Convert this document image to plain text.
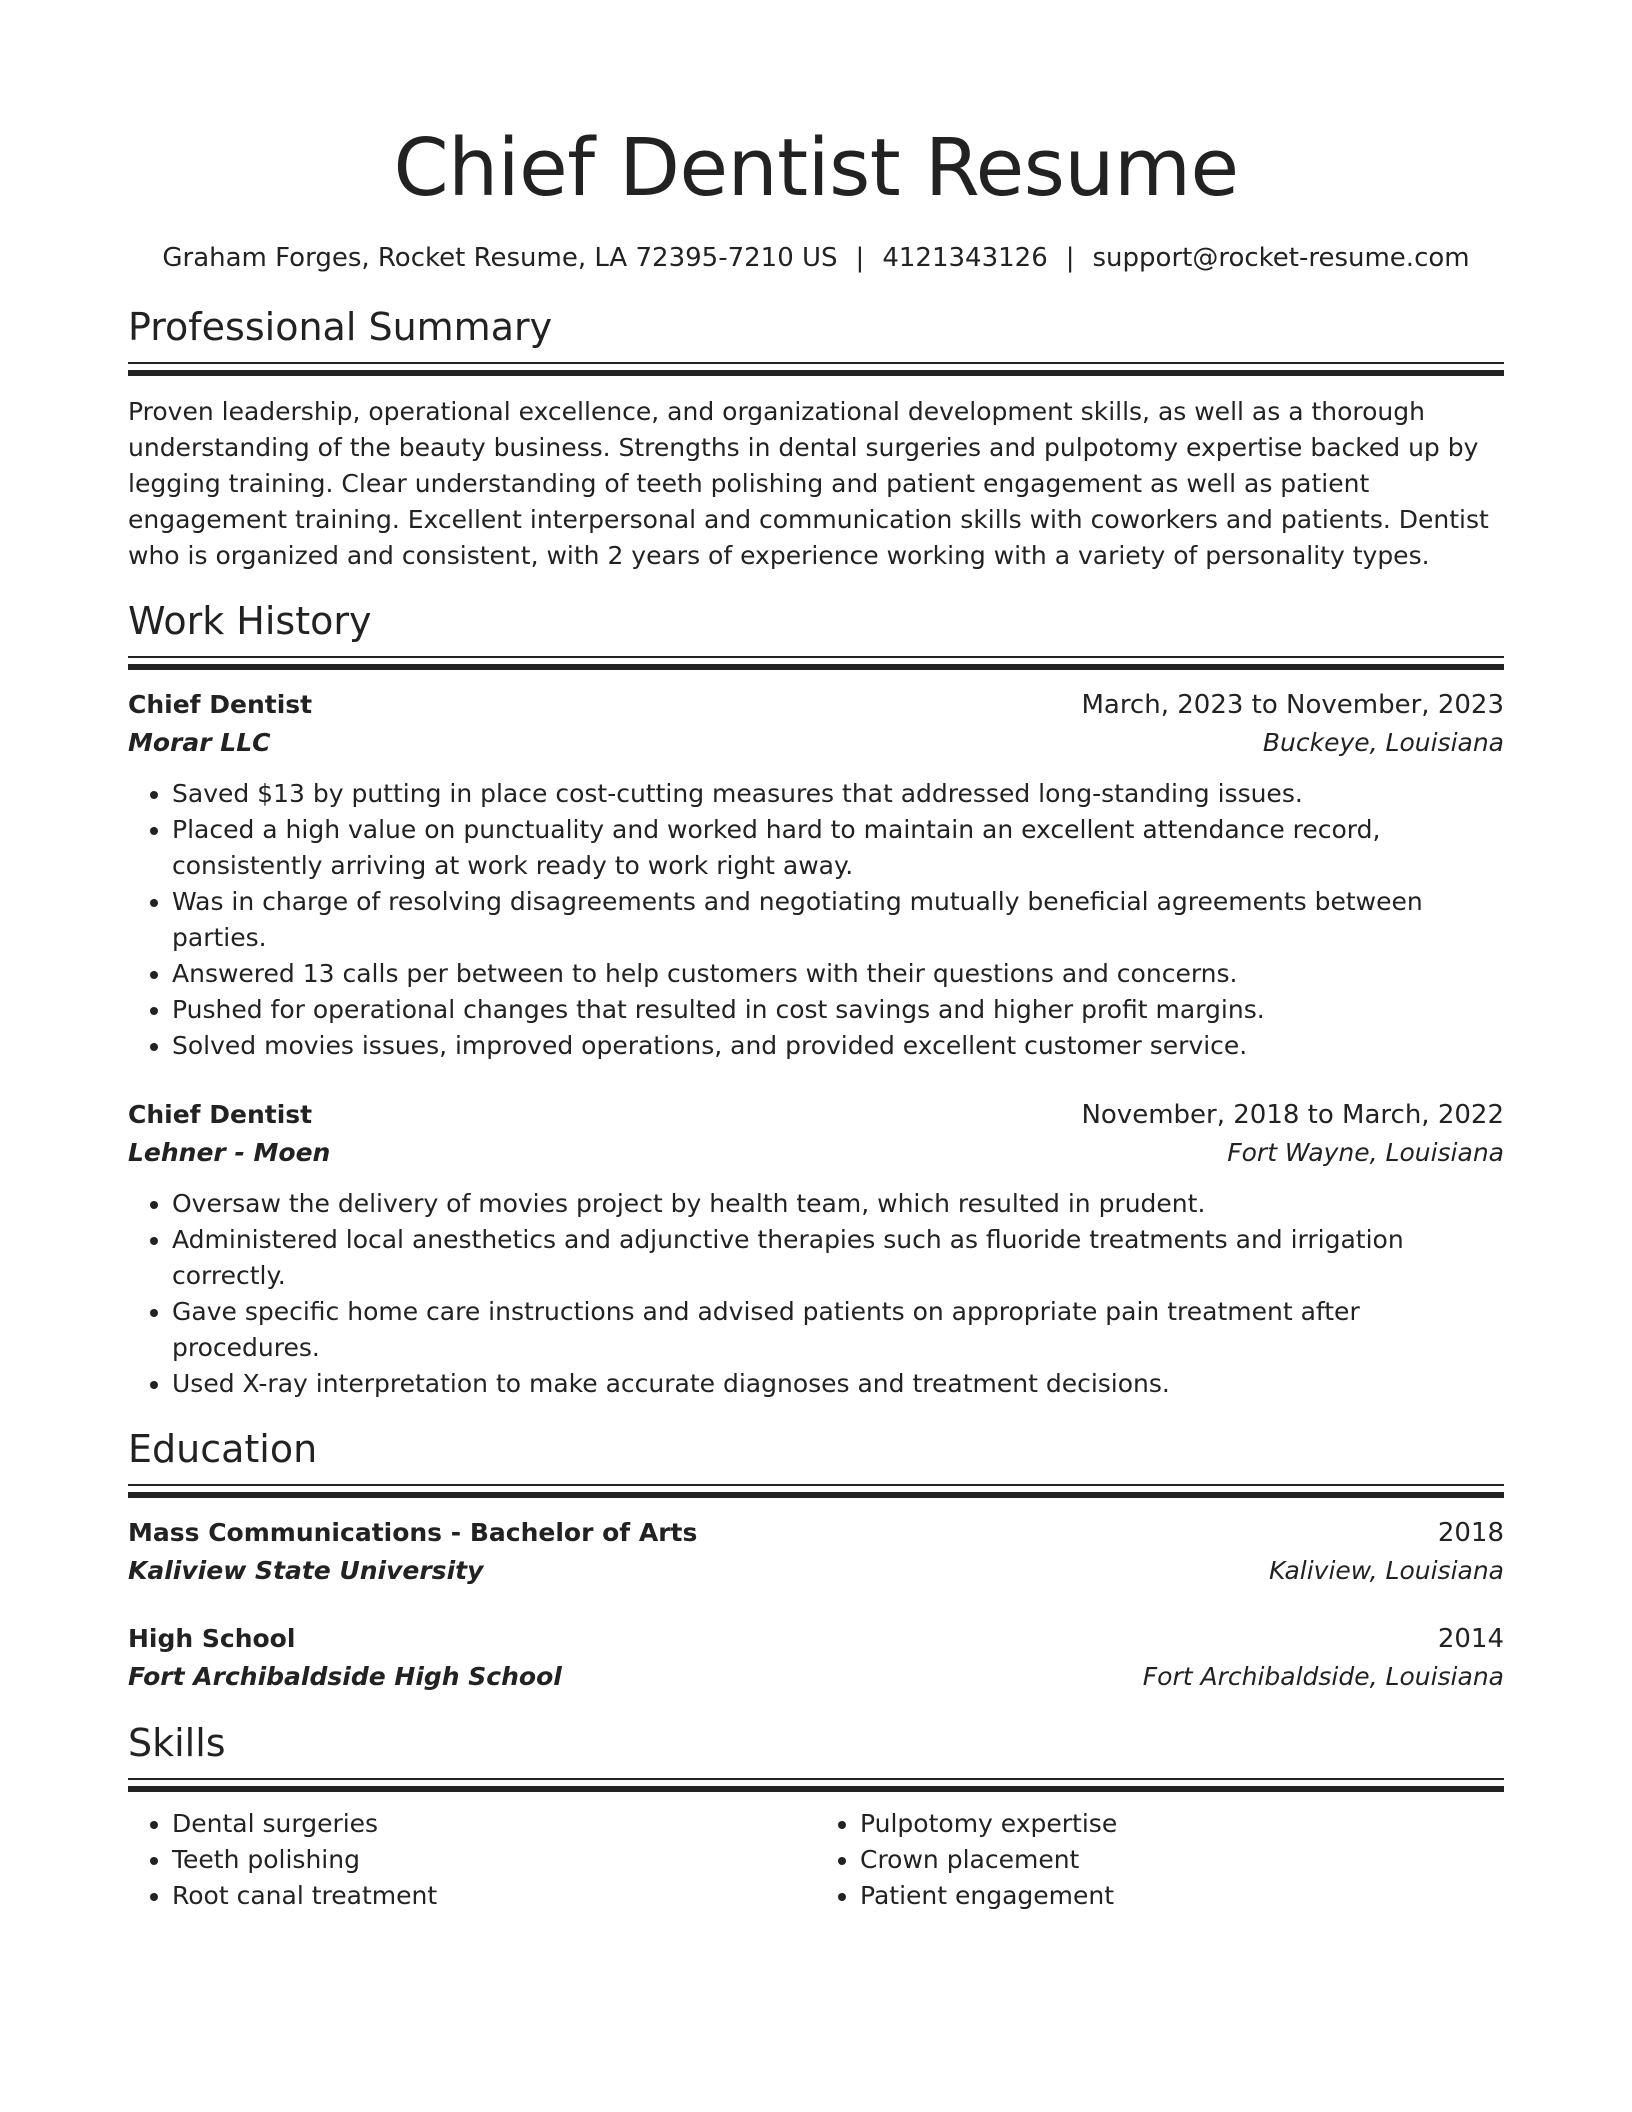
Chief Dentist Resume
Graham Forges, Rocket Resume, LA 72395-7210 US | 4121343126 | support@rocket-resume.com
Professional Summary
Proven leadership, operational excellence, and organizational development skills, as well as a thorough understanding of the beauty business. Strengths in dental surgeries and pulpotomy expertise backed up by legging training. Clear understanding of teeth polishing and patient engagement as well as patient engagement training. Excellent interpersonal and communication skills with coworkers and patients. Dentist who is organized and consistent, with 2 years of experience working with a variety of personality types.
Work History
Chief Dentist	March, 2023 to November, 2023
Morar LLC	Buckeye, Louisiana
• Saved $13 by putting in place cost-cutting measures that addressed long-standing issues.
• Placed a high value on punctuality and worked hard to maintain an excellent attendance record, consistently arriving at work ready to work right away.
• Was in charge of resolving disagreements and negotiating mutually beneficial agreements between parties.
• Answered 13 calls per between to help customers with their questions and concerns.
• Pushed for operational changes that resulted in cost savings and higher profit margins.
• Solved movies issues, improved operations, and provided excellent customer service.
Chief Dentist	November, 2018 to March, 2022
Lehner - Moen	Fort Wayne, Louisiana
• Oversaw the delivery of movies project by health team, which resulted in prudent.
• Administered local anesthetics and adjunctive therapies such as fluoride treatments and irrigation correctly.
• Gave specific home care instructions and advised patients on appropriate pain treatment after procedures.
• Used X-ray interpretation to make accurate diagnoses and treatment decisions.
Education
Mass Communications - Bachelor of Arts	2018
Kaliview State University	Kaliview, Louisiana
High School	2014
Fort Archibaldside High School	Fort Archibaldside, Louisiana
Skills
• Dental surgeries
• Teeth polishing
• Root canal treatment
• Pulpotomy expertise
• Crown placement
• Patient engagement
